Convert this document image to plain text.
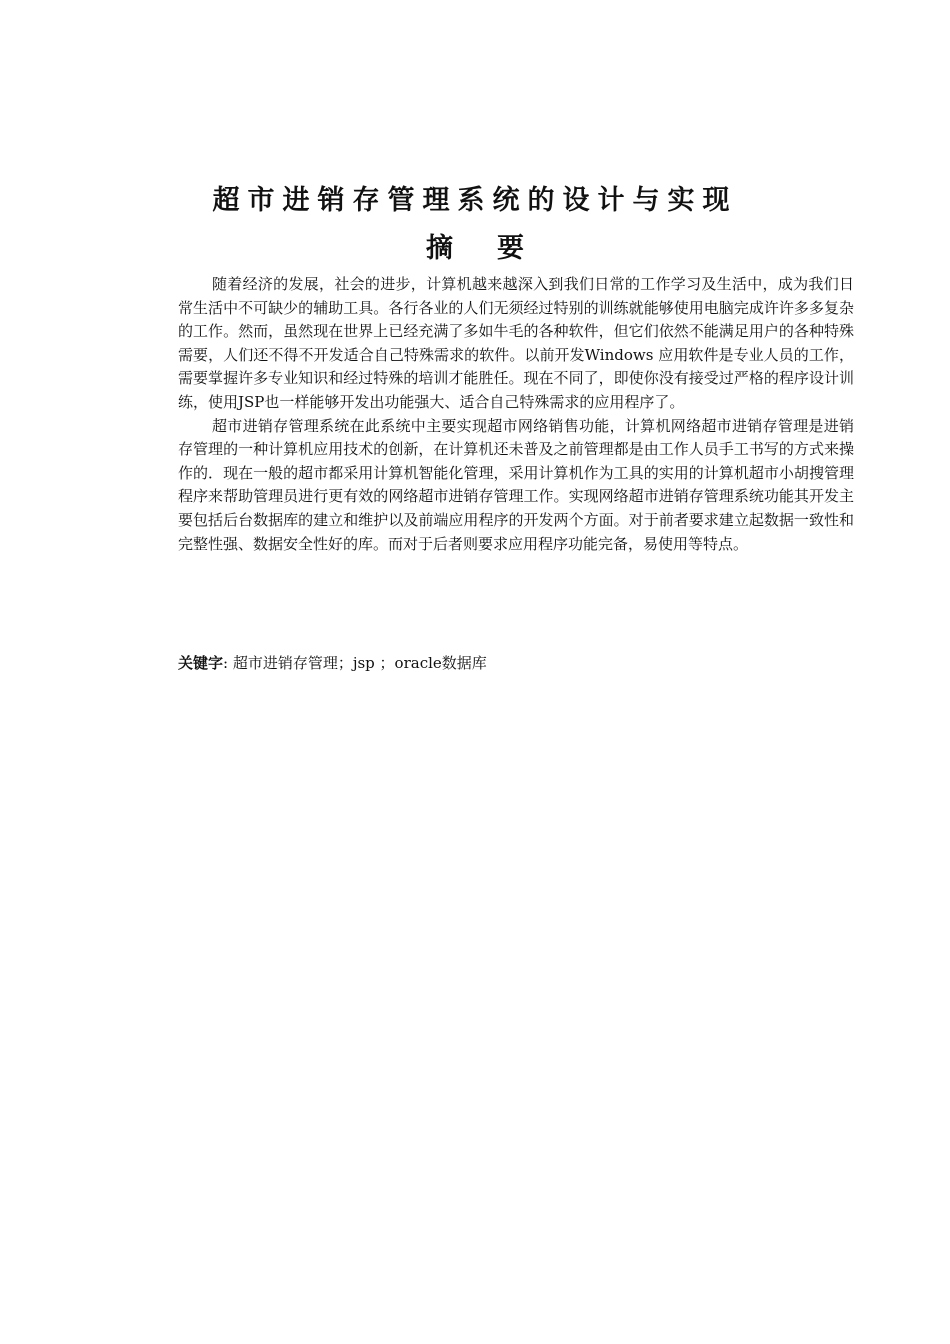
超市进销存管理系统的设计与实现
摘 要

随着经济的发展，社会的进步，计算机越来越深入到我们日常的工作学习及生活中，成为我们日常生活中不可缺少的辅助工具。各行各业的人们无须经过特别的训练就能够使用电脑完成许许多多复杂的工作。然而，虽然现在世界上已经充满了多如牛毛的各种软件，但它们依然不能满足用户的各种特殊需要，人们还不得不开发适合自己特殊需求的软件。以前开发Windows 应用软件是专业人员的工作，需要掌握许多专业知识和经过特殊的培训才能胜任。现在不同了，即使你没有接受过严格的程序设计训练，使用JSP也一样能够开发出功能强大、适合自己特殊需求的应用程序了。

超市进销存管理系统在此系统中主要实现超市网络销售功能，计算机网络超市进销存管理是进销存管理的一种计算机应用技术的创新，在计算机还未普及之前管理都是由工作人员手工书写的方式来操作的．现在一般的超市都采用计算机智能化管理，采用计算机作为工具的实用的计算机超市小胡搜管理程序来帮助管理员进行更有效的网络超市进销存管理工作。实现网络超市进销存管理系统功能其开发主要包括后台数据库的建立和维护以及前端应用程序的开发两个方面。对于前者要求建立起数据一致性和完整性强、数据安全性好的库。而对于后者则要求应用程序功能完备，易使用等特点。

关键字: 超市进销存管理；jsp ；oracle数据库
